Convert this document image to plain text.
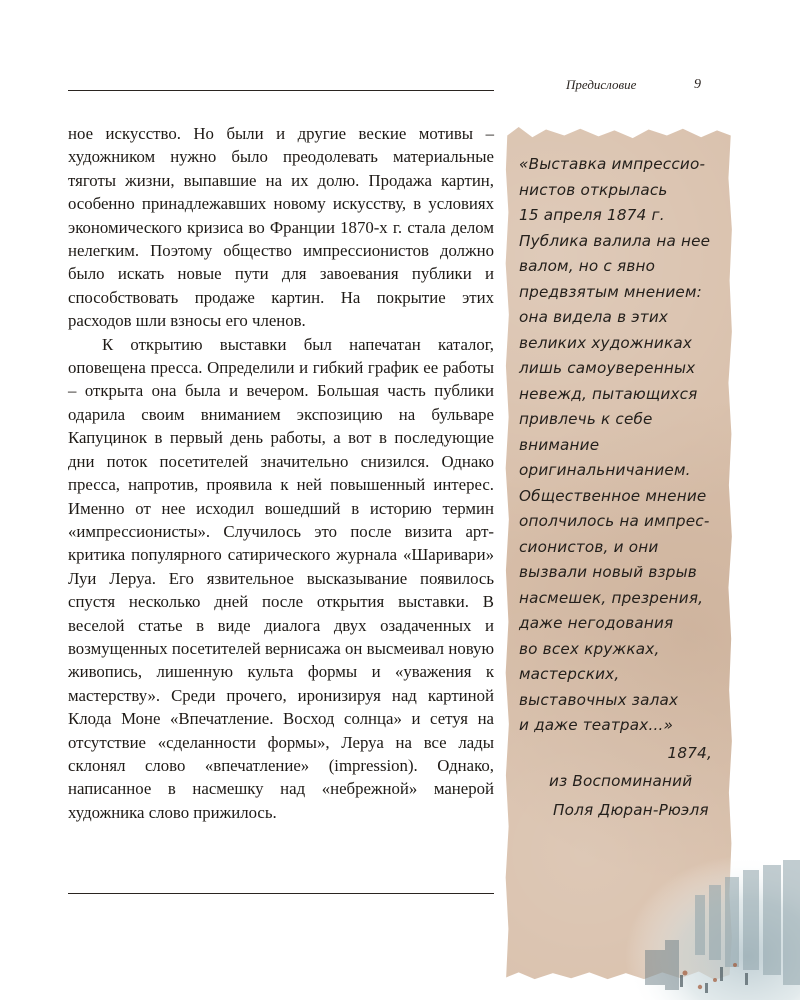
Предисловие	9

ное искусство. Но были и другие веские мотивы – художником нужно было преодолевать материальные тяготы жизни, выпавшие на их долю. Продажа картин, особенно принадлежавших новому искусству, в условиях экономического кризиса во Франции 1870-х г. стала делом нелегким. Поэтому общество импрессионистов должно было искать новые пути для завоевания публики и способствовать продаже картин. На покрытие этих расходов шли взносы его членов.

К открытию выставки был напечатан каталог, оповещена пресса. Определили и гибкий график ее работы – открыта она была и вечером. Большая часть публики одарила своим вниманием экспозицию на бульваре Капуцинок в первый день работы, а вот в последующие дни поток посетителей значительно снизился. Однако пресса, напротив, проявила к ней повышенный интерес. Именно от нее исходил вошедший в историю термин «импрессионисты». Случилось это после визита арт-критика популярного сатирического журнала «Шаривари» Луи Леруа. Его язвительное высказывание появилось спустя несколько дней после открытия выставки. В веселой статье в виде диалога двух озадаченных и возмущенных посетителей вернисажа он высмеивал новую живопись, лишенную культа формы и «уважения к мастерству». Среди прочего, иронизируя над картиной Клода Моне «Впечатление. Восход солнца» и сетуя на отсутствие «сделанности формы», Леруа на все лады склонял слово «впечатление» (impression). Однако, написанное в насмешку над «небрежной» манерой художника слово прижилось.

«Выставка импрессио-
нистов открылась
15 апреля 1874 г.
Публика валила на нее
валом, но с явно
предвзятым мнением:
она видела в этих
великих художниках
лишь самоуверенных
невежд, пытающихся
привлечь к себе
внимание
оригинальничанием.
Общественное мнение
ополчилось на импрес-
сионистов, и они
вызвали новый взрыв
насмешек, презрения,
даже негодования
во всех кружках,
мастерских,
выставочных залах
и даже театрах...»
1874,
из Воспоминаний
Поля Дюран-Рюэля
